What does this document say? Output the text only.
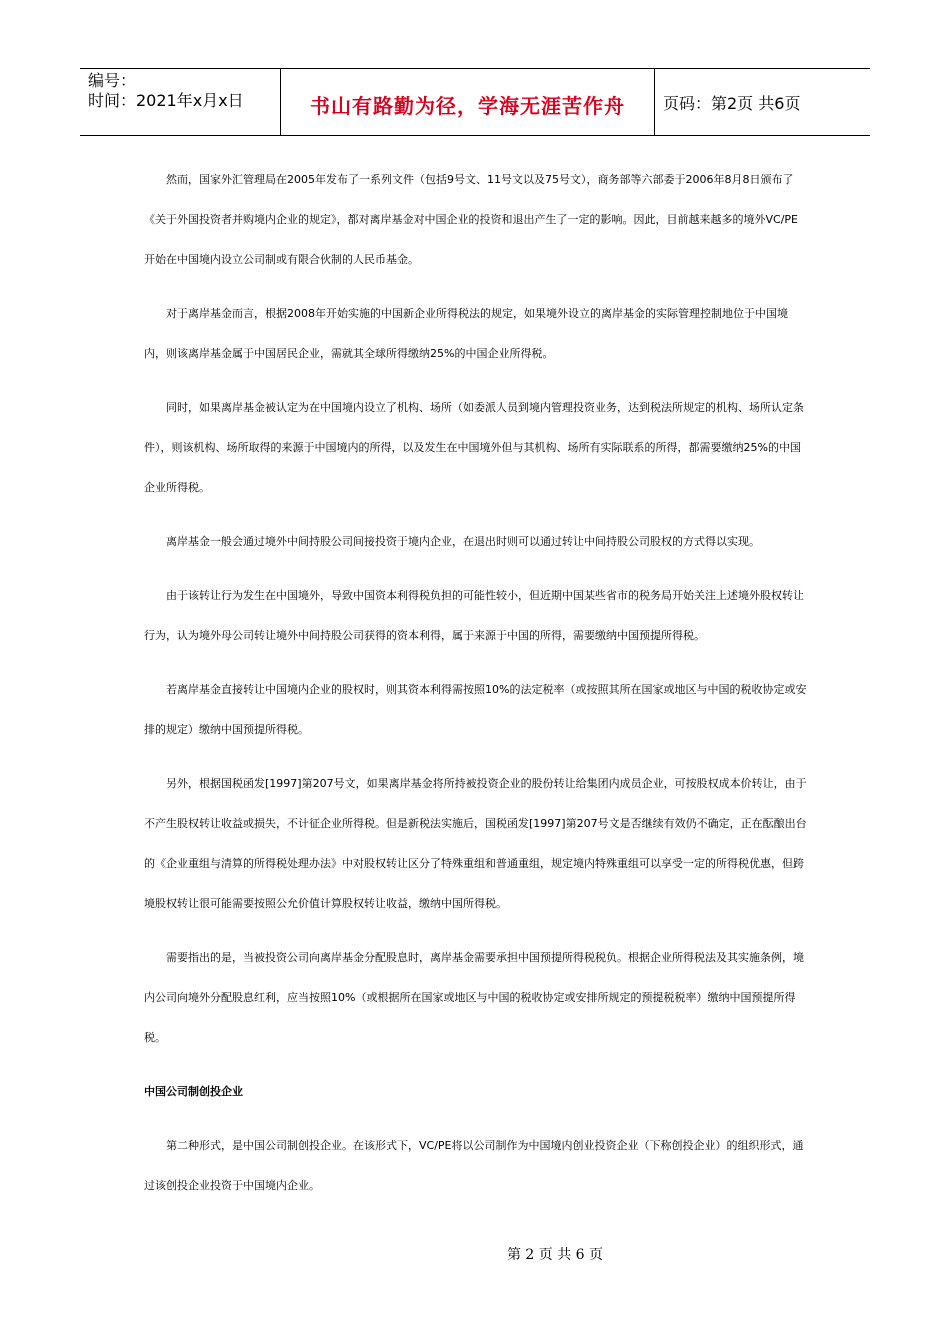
编号：
时间：2021年x月x日	书山有路勤为径，学海无涯苦作舟	页码：第2页 共6页

然而，国家外汇管理局在2005年发布了一系列文件（包括9号文、11号文以及75号文），商务部等六部委于2006年8月8日颁布了《关于外国投资者并购境内企业的规定》，都对离岸基金对中国企业的投资和退出产生了一定的影响。因此，目前越来越多的境外VC/PE开始在中国境内设立公司制或有限合伙制的人民币基金。

对于离岸基金而言，根据2008年开始实施的中国新企业所得税法的规定，如果境外设立的离岸基金的实际管理控制地位于中国境内，则该离岸基金属于中国居民企业，需就其全球所得缴纳25%的中国企业所得税。

同时，如果离岸基金被认定为在中国境内设立了机构、场所（如委派人员到境内管理投资业务，达到税法所规定的机构、场所认定条件），则该机构、场所取得的来源于中国境内的所得，以及发生在中国境外但与其机构、场所有实际联系的所得，都需要缴纳25%的中国企业所得税。

离岸基金一般会通过境外中间持股公司间接投资于境内企业，在退出时则可以通过转让中间持股公司股权的方式得以实现。

由于该转让行为发生在中国境外，导致中国资本利得税负担的可能性较小，但近期中国某些省市的税务局开始关注上述境外股权转让行为，认为境外母公司转让境外中间持股公司获得的资本利得，属于来源于中国的所得，需要缴纳中国预提所得税。

若离岸基金直接转让中国境内企业的股权时，则其资本利得需按照10%的法定税率（或按照其所在国家或地区与中国的税收协定或安排的规定）缴纳中国预提所得税。

另外，根据国税函发[1997]第207号文，如果离岸基金将所持被投资企业的股份转让给集团内成员企业，可按股权成本价转让，由于不产生股权转让收益或损失，不计征企业所得税。但是新税法实施后，国税函发[1997]第207号文是否继续有效仍不确定，正在酝酿出台的《企业重组与清算的所得税处理办法》中对股权转让区分了特殊重组和普通重组，规定境内特殊重组可以享受一定的所得税优惠，但跨境股权转让很可能需要按照公允价值计算股权转让收益，缴纳中国所得税。

需要指出的是，当被投资公司向离岸基金分配股息时，离岸基金需要承担中国预提所得税税负。根据企业所得税法及其实施条例，境内公司向境外分配股息红利，应当按照10%（或根据所在国家或地区与中国的税收协定或安排所规定的预提税税率）缴纳中国预提所得税。

中国公司制创投企业

第二种形式，是中国公司制创投企业。在该形式下，VC/PE将以公司制作为中国境内创业投资企业（下称创投企业）的组织形式，通过该创投企业投资于中国境内企业。

第 2 页 共 6 页
